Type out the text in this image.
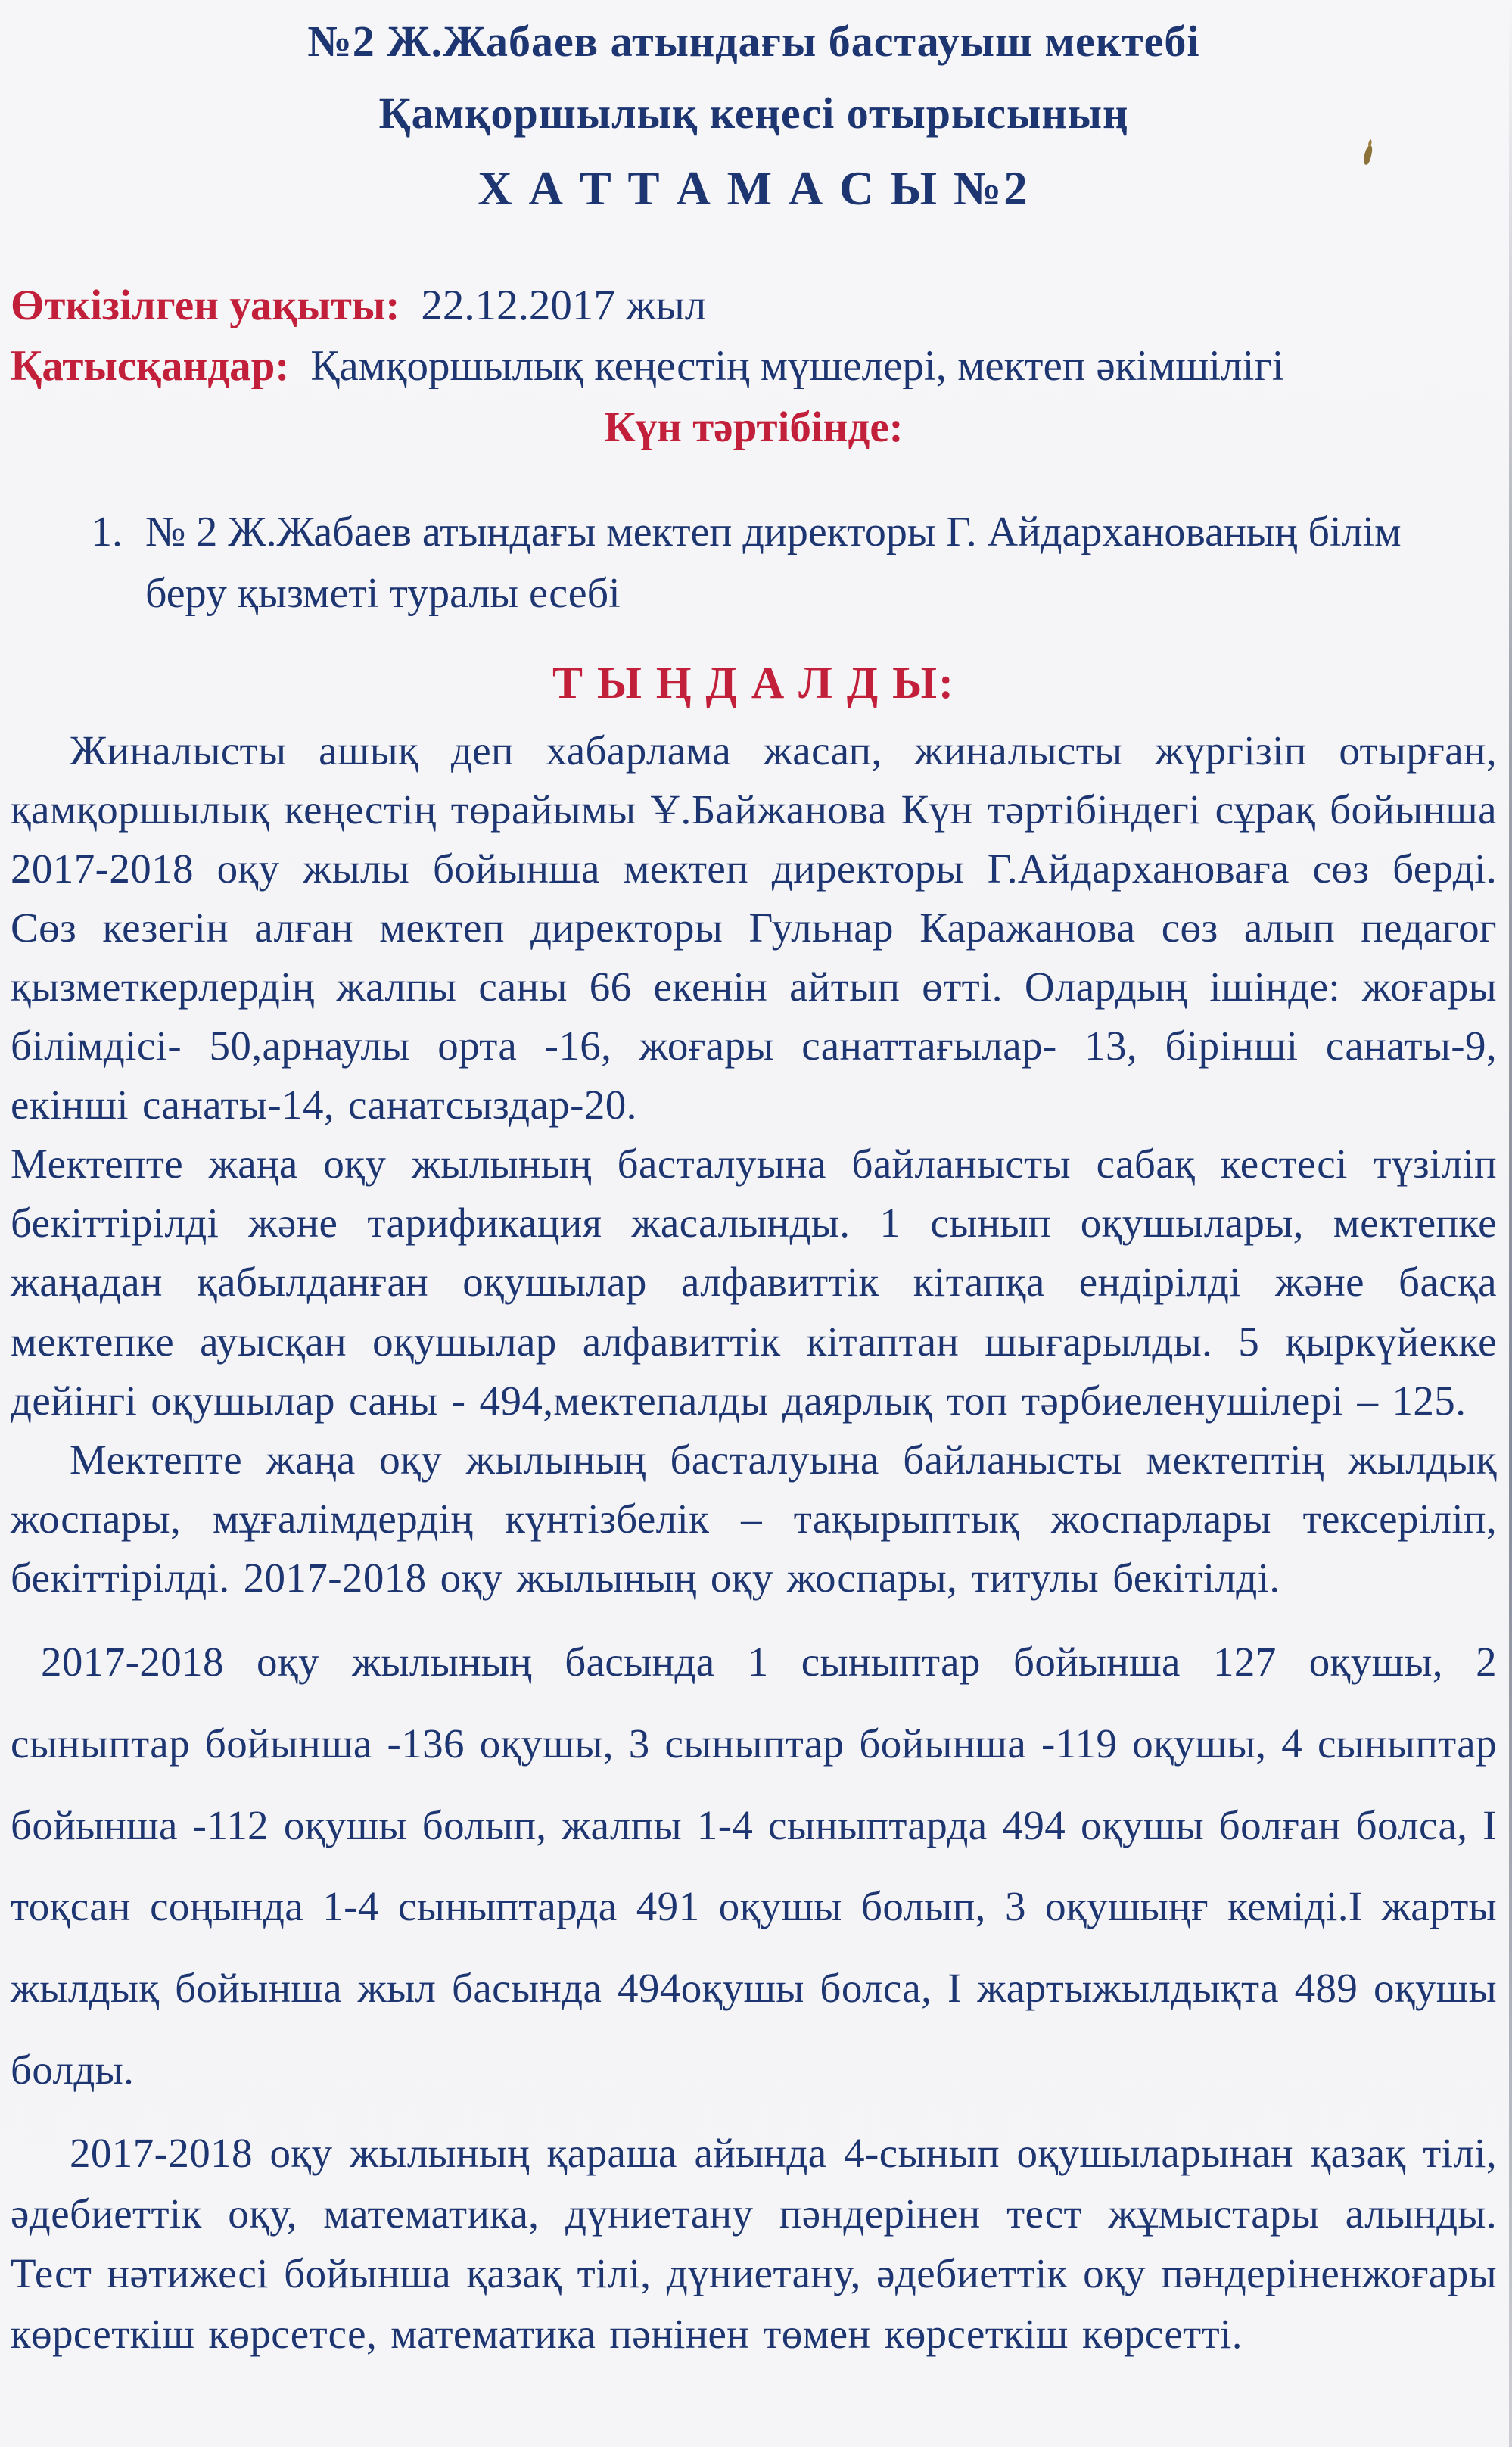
№2 Ж.Жабаев атындағы бастауыш мектебі
Қамқоршылық кеңесі отырысының
Х А Т Т А М А С Ы №2
Өткізілген уақыты: 22.12.2017 жыл
Қатысқандар: Қамқоршылық кеңестің мүшелері, мектеп әкімшілігі
Күн тәртібінде:
1. № 2 Ж.Жабаев атындағы мектеп директоры Г. Айдарханованың білім беру қызметі туралы есебі
Т Ы Ң Д А Л Д Ы:

Жиналысты ашық деп хабарлама жасап, жиналысты жүргізіп отырған, қамқоршылық кеңестің төрайымы Ұ.Байжанова Күн тәртібіндегі сұрақ бойынша 2017-2018 оқу жылы бойынша мектеп директоры Г.Айдархановаға сөз берді. Сөз кезегін алған мектеп директоры Гульнар Каражанова сөз алып педагог қызметкерлердің жалпы саны 66 екенін айтып өтті. Олардың ішінде: жоғары білімдісі- 50,арнаулы орта -16, жоғары санаттағылар- 13, бірінші санаты-9, екінші санаты-14, санатсыздар-20.

Мектепте жаңа оқу жылының басталуына байланысты сабақ кестесі түзіліп бекіттірілді және тарификация жасалынды. 1 сынып оқушылары, мектепке жаңадан қабылданған оқушылар алфавиттік кітапқа ендірілді және басқа мектепке ауысқан оқушылар алфавиттік кітаптан шығарылды. 5 қыркүйекке дейінгі оқушылар саны - 494,мектепалды даярлық топ тәрбиеленушілері – 125.

Мектепте жаңа оқу жылының басталуына байланысты мектептің жылдық жоспары, мұғалімдердің күнтізбелік – тақырыптық жоспарлары тексеріліп, бекіттірілді. 2017-2018 оқу жылының оқу жоспары, титулы бекітілді.

2017-2018 оқу жылының басында 1 сыныптар бойынша 127 оқушы, 2 сыныптар бойынша -136 оқушы, 3 сыныптар бойынша -119 оқушы, 4 сыныптар бойынша -112 оқушы болып, жалпы 1-4 сыныптарда 494 оқушы болған болса, І тоқсан соңында 1-4 сыныптарда 491 оқушы болып, 3 оқушыңғ кеміді.І жарты жылдық бойынша жыл басында 494оқушы болса, І жартыжылдықта 489 оқушы болды.

2017-2018 оқу жылының қараша айында 4-сынып оқушыларынан қазақ тілі, әдебиеттік оқу, математика, дүниетану пәндерінен тест жұмыстары алынды. Тест нәтижесі бойынша қазақ тілі, дүниетану, әдебиеттік оқу пәндеріненжоғары көрсеткіш көрсетсе, математика пәнінен төмен көрсеткіш көрсетті.
